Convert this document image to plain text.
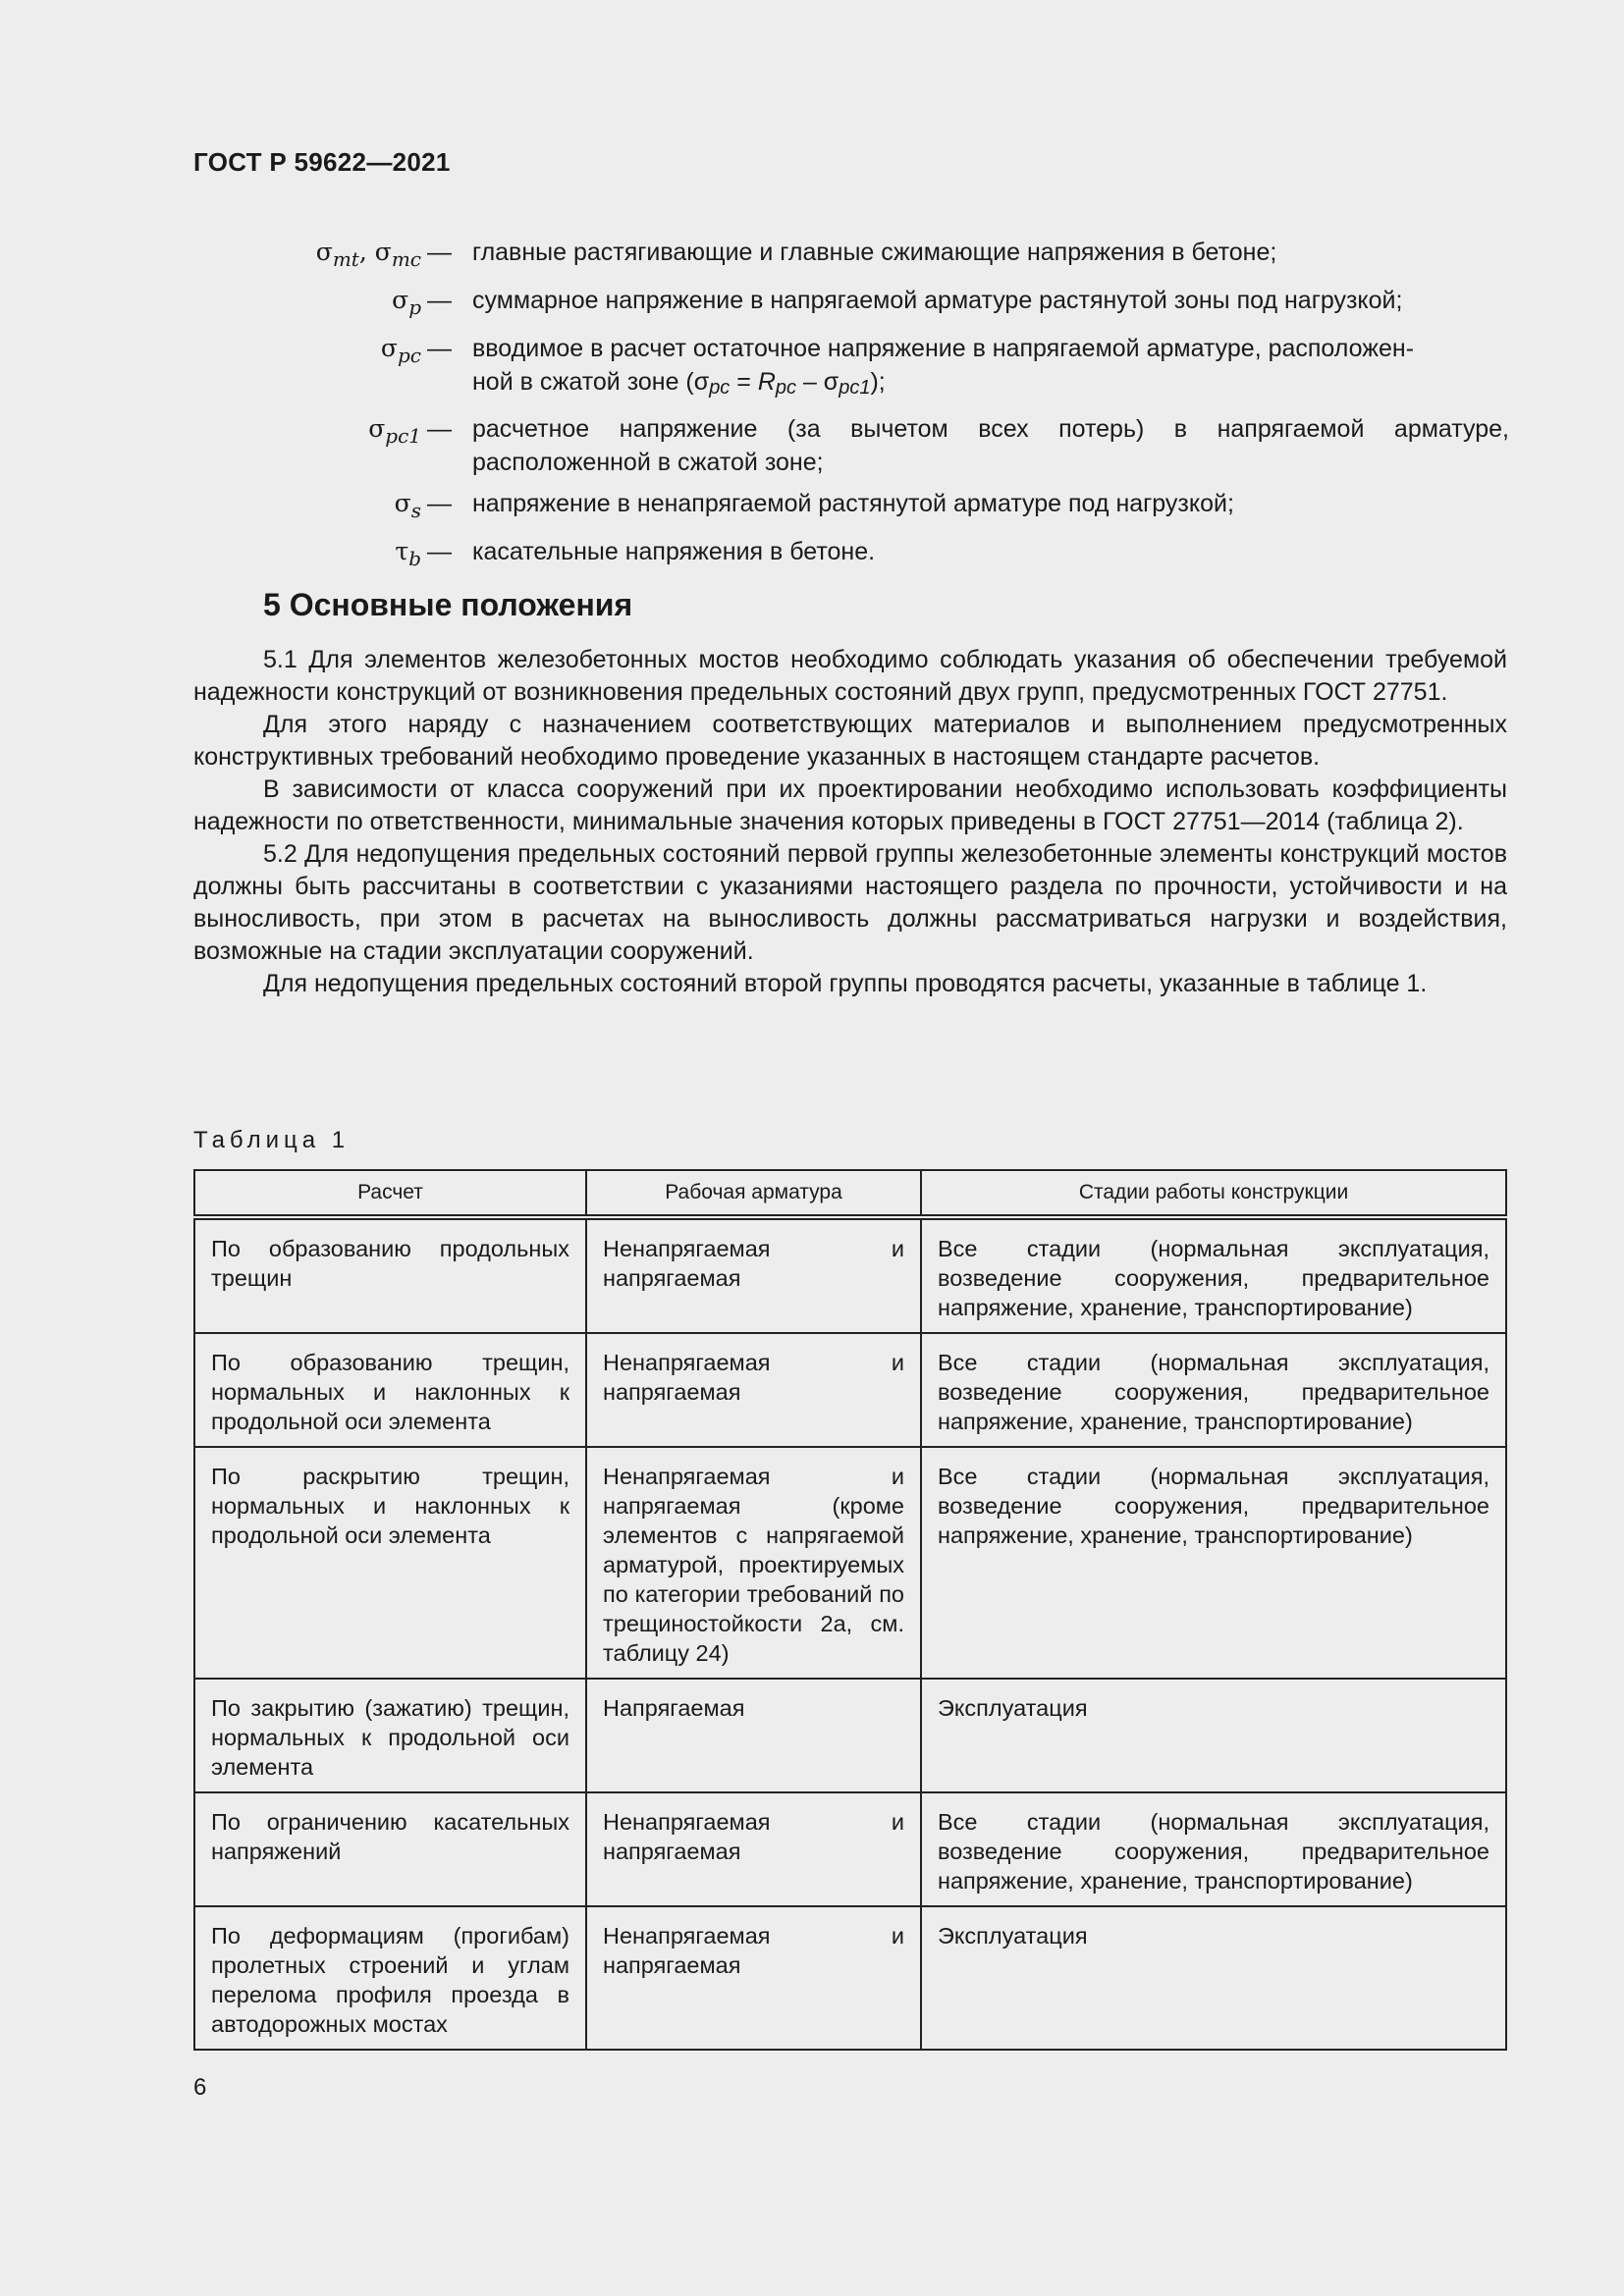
ГОСТ Р 59622—2021
$\sigma_{mt}$, $\sigma_{mc}$ — главные растягивающие и главные сжимающие напряжения в бетоне;
$\sigma_p$ — суммарное напряжение в напрягаемой арматуре растянутой зоны под нагрузкой;
$\sigma_{pc}$ — вводимое в расчет остаточное напряжение в напрягаемой арматуре, расположен-
ной в сжатой зоне (σpc = Rpc – σpc1);
$\sigma_{pc1}$ — расчетное напряжение (за вычетом всех потерь) в напрягаемой арматуре, расположенной в сжатой зоне;
$\sigma_s$ — напряжение в ненапрягаемой растянутой арматуре под нагрузкой;
$\tau_b$ — касательные напряжения в бетоне.
5 Основные положения

5.1 Для элементов железобетонных мостов необходимо соблюдать указания об обеспечении требуемой надежности конструкций от возникновения предельных состояний двух групп, предусмотренных ГОСТ 27751.

Для этого наряду с назначением соответствующих материалов и выполнением предусмотренных конструктивных требований необходимо проведение указанных в настоящем стандарте расчетов.

В зависимости от класса сооружений при их проектировании необходимо использовать коэффициенты надежности по ответственности, минимальные значения которых приведены в ГОСТ 27751—2014 (таблица 2).

5.2 Для недопущения предельных состояний первой группы железобетонные элементы конструкций мостов должны быть рассчитаны в соответствии с указаниями настоящего раздела по прочности, устойчивости и на выносливость, при этом в расчетах на выносливость должны рассматриваться нагрузки и воздействия, возможные на стадии эксплуатации сооружений.

Для недопущения предельных состояний второй группы проводятся расчеты, указанные в таблице 1.

Таблица 1
Расчет	Рабочая арматура	Стадии работы конструкции
По образованию продольных трещин	Ненапрягаемая и напрягаемая	Все стадии (нормальная эксплуатация, возведение сооружения, предварительное напряжение, хранение, транспортирование)
По образованию трещин, нормальных и наклонных к продольной оси элемента	Ненапрягаемая и напрягаемая	Все стадии (нормальная эксплуатация, возведение сооружения, предварительное напряжение, хранение, транспортирование)
По раскрытию трещин, нормальных и наклонных к продольной оси элемента	Ненапрягаемая и напрягаемая (кроме элементов с напрягаемой арматурой, проектируемых по категории требований по трещиностойкости 2а, см. таблицу 24)	Все стадии (нормальная эксплуатация, возведение сооружения, предварительное напряжение, хранение, транспортирование)
По закрытию (зажатию) трещин, нормальных к продольной оси элемента	Напрягаемая	Эксплуатация
По ограничению касательных напряжений	Ненапрягаемая и напрягаемая	Все стадии (нормальная эксплуатация, возведение сооружения, предварительное напряжение, хранение, транспортирование)
По деформациям (прогибам) пролетных строений и углам перелома профиля проезда в автодорожных мостах	Ненапрягаемая и напрягаемая	Эксплуатация
6
